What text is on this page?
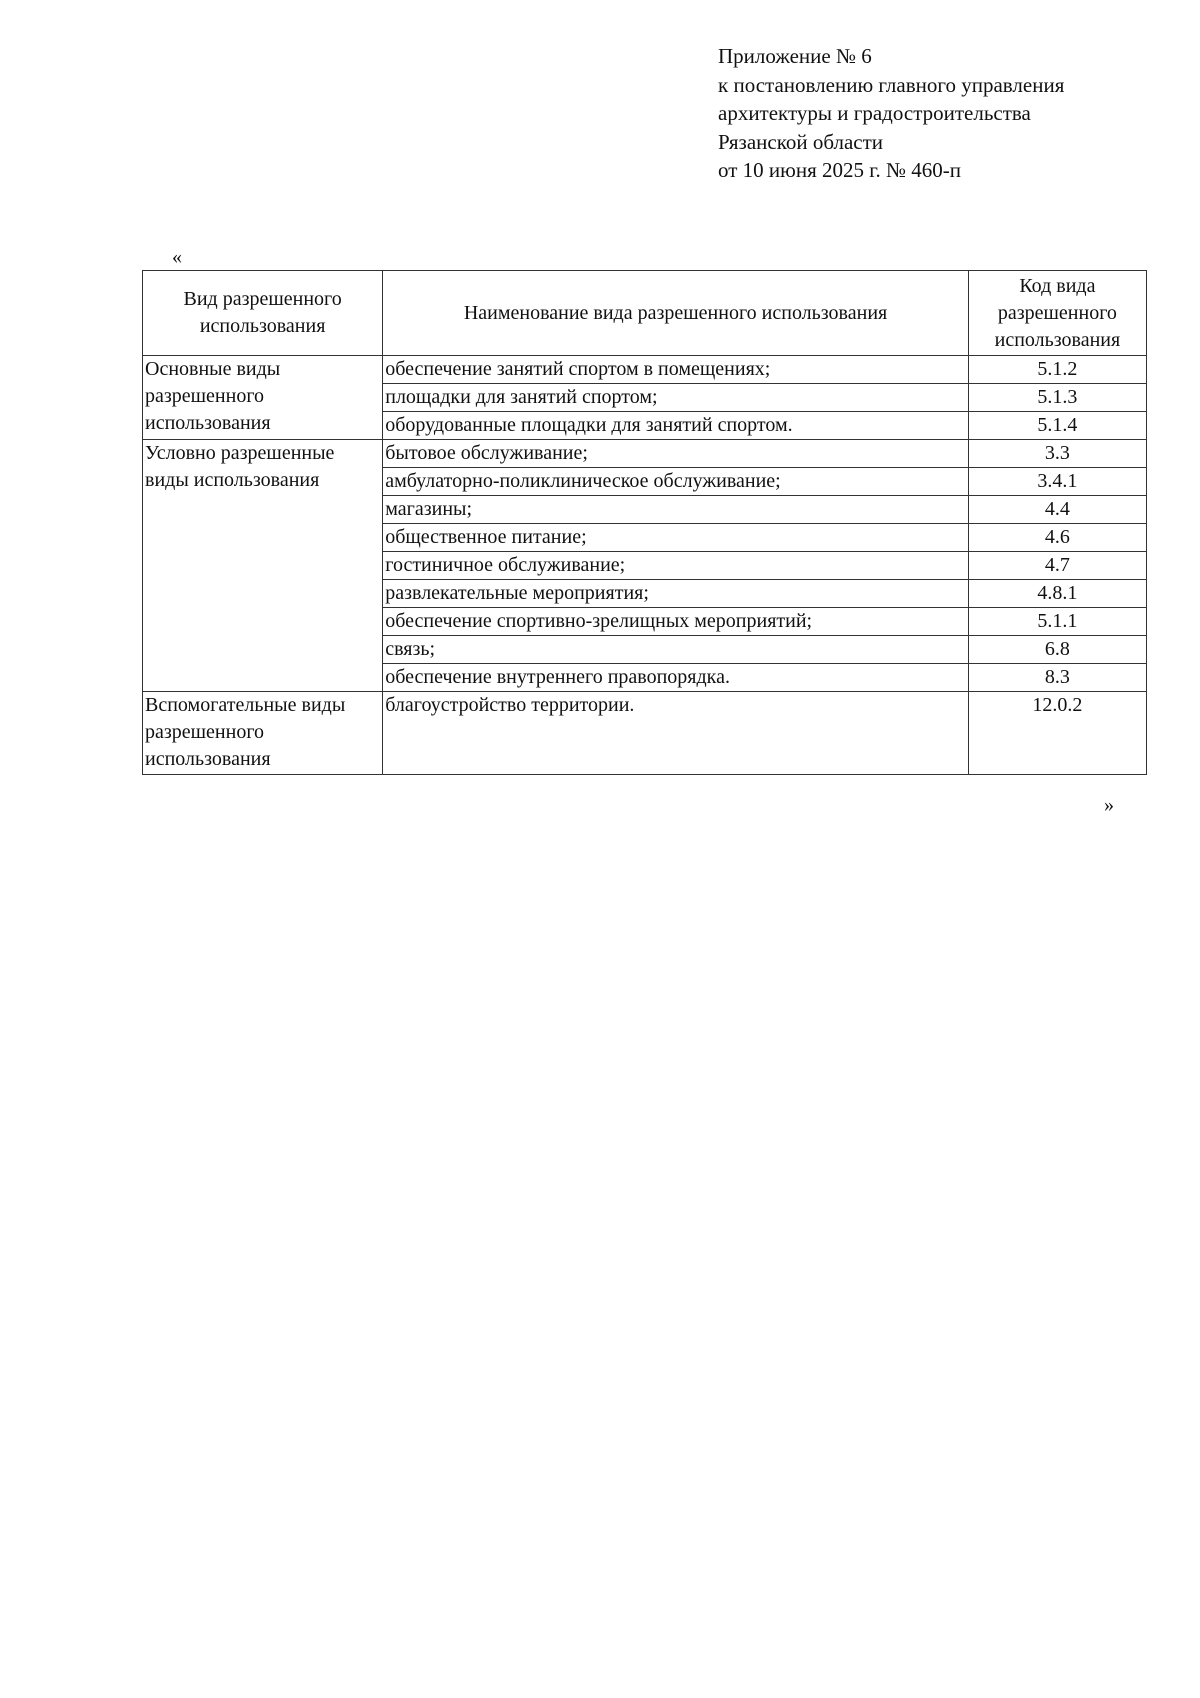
Приложение № 6
к постановлению главного управления
архитектуры и градостроительства
Рязанской области
от 10 июня 2025 г. № 460-п
«
Вид разрешенного использования	Наименование вида разрешенного использования	Код вида разрешенного использования
Основные виды разрешенного использования	обеспечение занятий спортом в помещениях;	5.1.2
	площадки для занятий спортом;	5.1.3
	оборудованные площадки для занятий спортом.	5.1.4
Условно разрешенные виды использования	бытовое обслуживание;	3.3
	амбулаторно-поликлиническое обслуживание;	3.4.1
	магазины;	4.4
	общественное питание;	4.6
	гостиничное обслуживание;	4.7
	развлекательные мероприятия;	4.8.1
	обеспечение спортивно-зрелищных мероприятий;	5.1.1
	связь;	6.8
	обеспечение внутреннего правопорядка.	8.3
Вспомогательные виды разрешенного использования	благоустройство территории.	12.0.2
»
